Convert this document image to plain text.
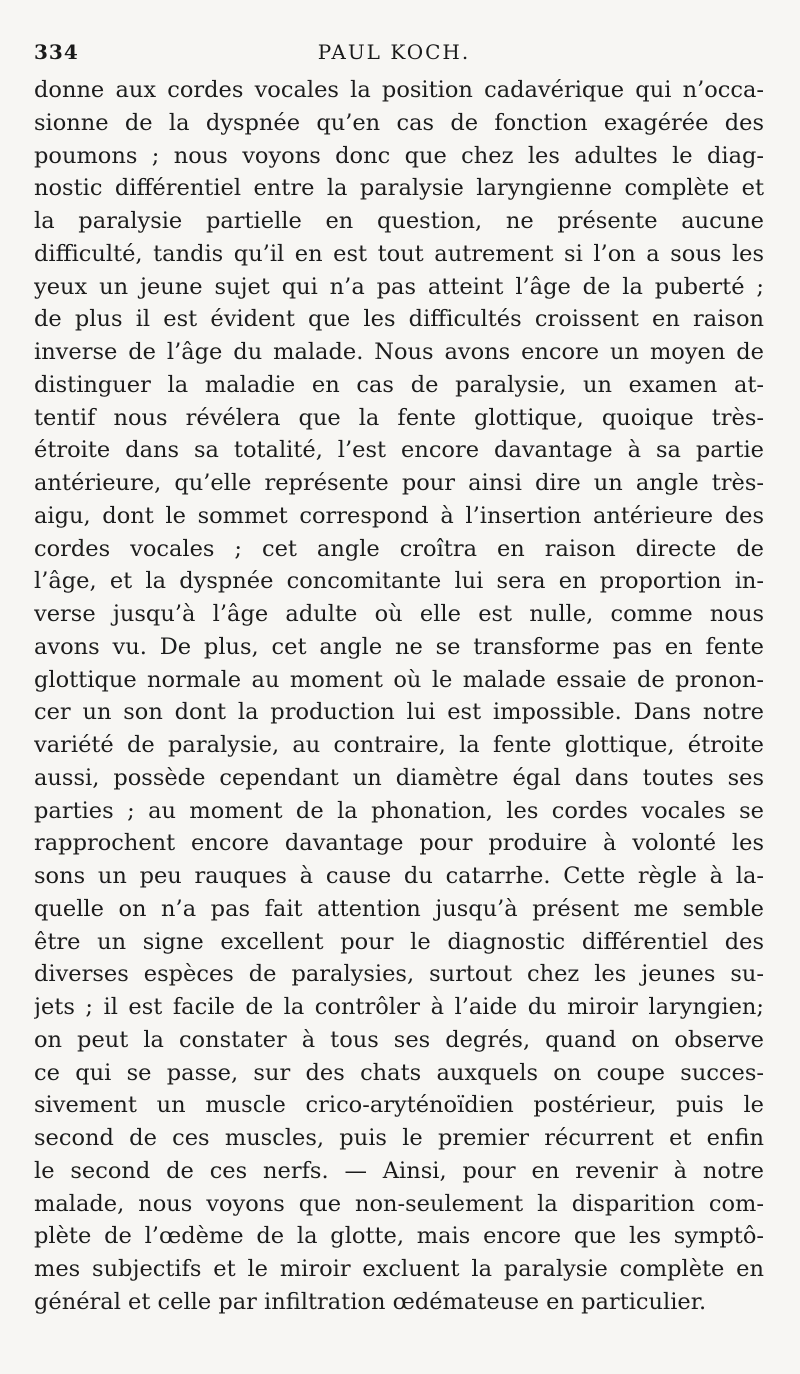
334	PAUL KOCH.
donne aux cordes vocales la position cadavérique qui n’occa-
sionne de la dyspnée qu’en cas de fonction exagérée des
poumons ; nous voyons donc que chez les adultes le diag-
nostic différentiel entre la paralysie laryngienne complète et
la paralysie partielle en question, ne présente aucune
difficulté, tandis qu’il en est tout autrement si l’on a sous les
yeux un jeune sujet qui n’a pas atteint l’âge de la puberté ;
de plus il est évident que les difficultés croissent en raison
inverse de l’âge du malade. Nous avons encore un moyen de
distinguer la maladie en cas de paralysie, un examen at-
tentif nous révélera que la fente glottique, quoique très-
étroite dans sa totalité, l’est encore davantage à sa partie
antérieure, qu’elle représente pour ainsi dire un angle très-
aigu, dont le sommet correspond à l’insertion antérieure des
cordes vocales ; cet angle croîtra en raison directe de
l’âge, et la dyspnée concomitante lui sera en proportion in-
verse jusqu’à l’âge adulte où elle est nulle, comme nous
avons vu. De plus, cet angle ne se transforme pas en fente
glottique normale au moment où le malade essaie de pronon-
cer un son dont la production lui est impossible. Dans notre
variété de paralysie, au contraire, la fente glottique, étroite
aussi, possède cependant un diamètre égal dans toutes ses
parties ; au moment de la phonation, les cordes vocales se
rapprochent encore davantage pour produire à volonté les
sons un peu rauques à cause du catarrhe. Cette règle à la-
quelle on n’a pas fait attention jusqu’à présent me semble
être un signe excellent pour le diagnostic différentiel des
diverses espèces de paralysies, surtout chez les jeunes su-
jets ; il est facile de la contrôler à l’aide du miroir laryngien;
on peut la constater à tous ses degrés, quand on observe
ce qui se passe, sur des chats auxquels on coupe succes-
sivement un muscle crico-aryténoïdien postérieur, puis le
second de ces muscles, puis le premier récurrent et enfin
le second de ces nerfs. — Ainsi, pour en revenir à notre
malade, nous voyons que non-seulement la disparition com-
plète de l’œdème de la glotte, mais encore que les symptô-
mes subjectifs et le miroir excluent la paralysie complète en
général et celle par infiltration œdémateuse en particulier.
